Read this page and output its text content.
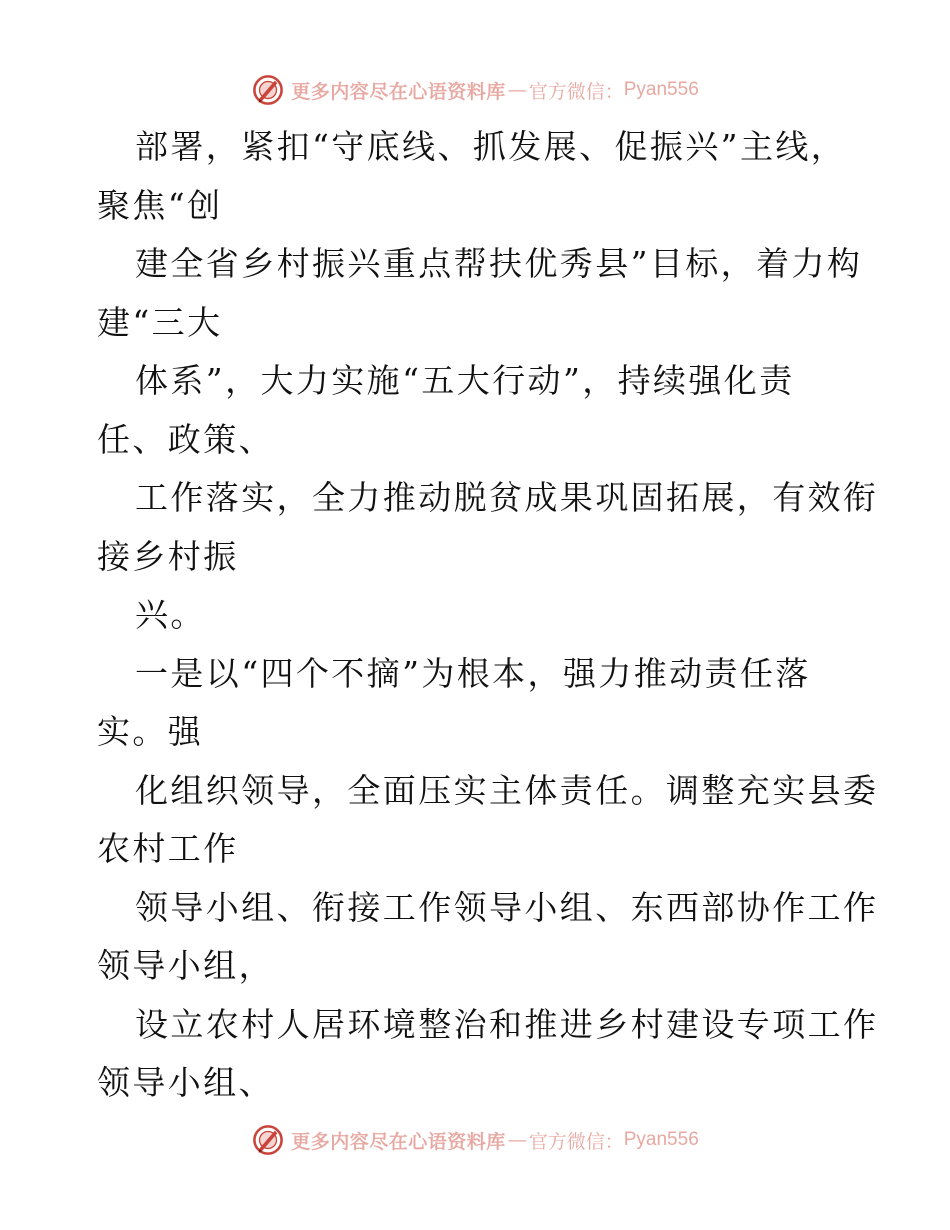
更多内容尽在心语资料库 — 官方微信： Pyan556
部署，紧扣“守底线、抓发展、促振兴”主线，
聚焦“创
建全省乡村振兴重点帮扶优秀县”目标，着力构
建“三大
体系”，大力实施“五大行动”，持续强化责
任、政策、
工作落实，全力推动脱贫成果巩固拓展，有效衔
接乡村振
兴。
一是以“四个不摘”为根本，强力推动责任落
实。强
化组织领导，全面压实主体责任。调整充实县委
农村工作
领导小组、衔接工作领导小组、东西部协作工作
领导小组，
设立农村人居环境整治和推进乡村建设专项工作
领导小组、
更多内容尽在心语资料库 — 官方微信： Pyan556
